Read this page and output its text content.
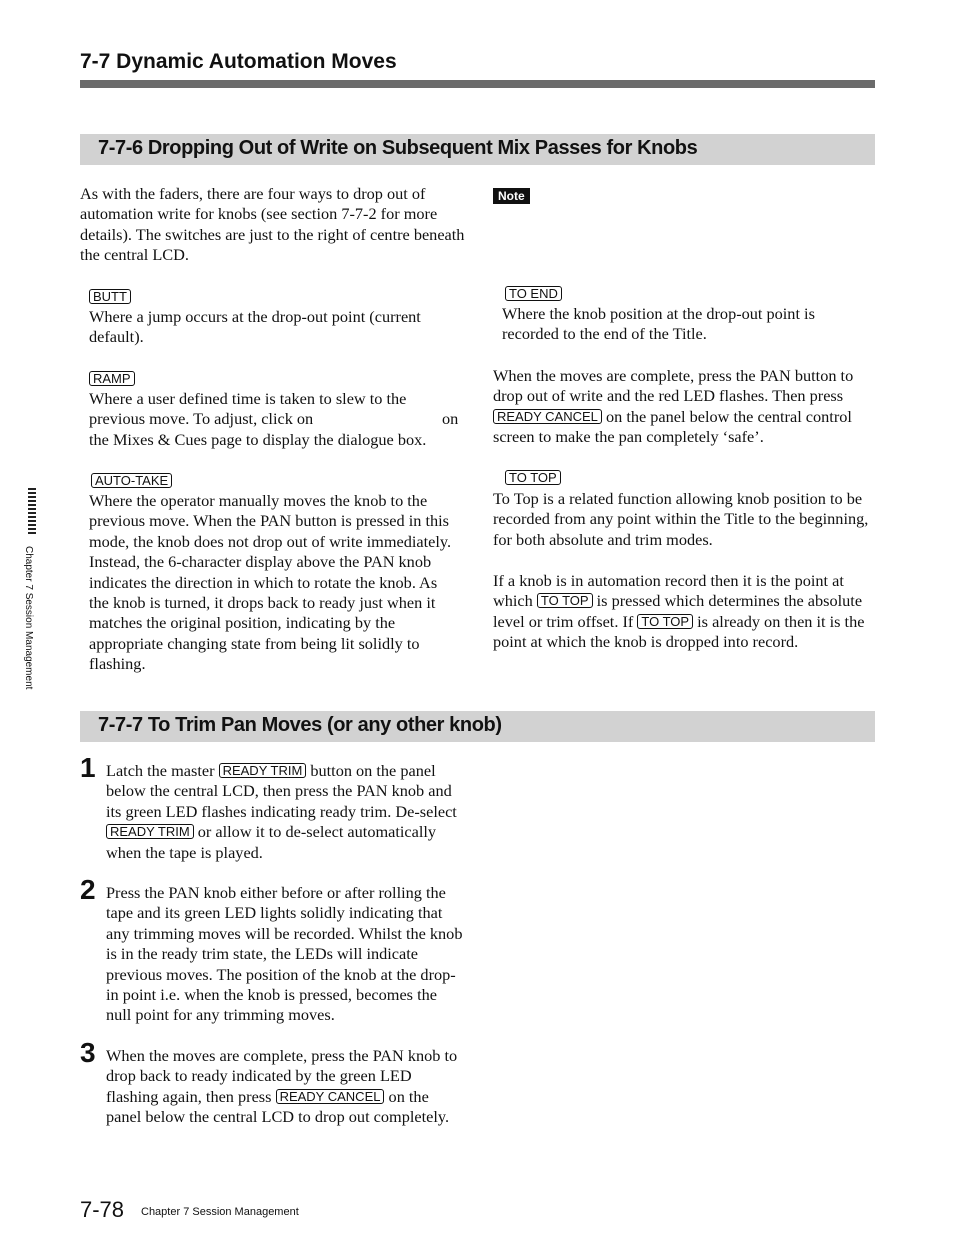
7-7 Dynamic Automation Moves
7-7-6 Dropping Out of Write on Subsequent Mix Passes for Knobs

As with the faders, there are four ways to drop out of automation write for knobs (see section 7-7-2 for more details). The switches are just to the right of centre beneath the central LCD.

BUTT

Where a jump occurs at the drop-out point (current default).

RAMP
Where a user defined time is taken to slew to the
previous move. To adjust, click on	on
the Mixes & Cues page to display the dialogue box.
AUTO-TAKE

Where the operator manually moves the knob to the previous move. When the PAN button is pressed in this mode, the knob does not drop out of write immediately. Instead, the 6-character display above the PAN knob indicates the direction in which to rotate the knob. As the knob is turned, it drops back to ready just when it matches the original position, indicating by the appropriate changing state from being lit solidly to flashing.

Note
TO END

Where the knob position at the drop-out point is recorded to the end of the Title.

When the moves are complete, press the PAN button to drop out of write and the red LED flashes. Then press READY CANCEL on the panel below the central control screen to make the pan completely ‘safe’.

TO TOP

To Top is a related function allowing knob position to be recorded from any point within the Title to the beginning, for both absolute and trim modes.

If a knob is in automation record then it is the point at which TO TOP is pressed which determines the absolute level or trim offset. If TO TOP is already on then it is the point at which the knob is dropped into record.

7-7-7 To Trim Pan Moves (or any other knob)
1 Latch the master READY TRIM button on the panel below the central LCD, then press the PAN knob and its green LED flashes indicating ready trim. De-select READY TRIM or allow it to de-select automatically when the tape is played.

2 Press the PAN knob either before or after rolling the tape and its green LED lights solidly indicating that any trimming moves will be recorded. Whilst the knob is in the ready trim state, the LEDs will indicate previous moves. The position of the knob at the drop-in point i.e. when the knob is pressed, becomes the null point for any trimming moves.

3 When the moves are complete, press the PAN knob to drop back to ready indicated by the green LED flashing again, then press READY CANCEL on the panel below the central LCD to drop out completely.

Chapter 7 Session Management
7-78 Chapter 7 Session Management
